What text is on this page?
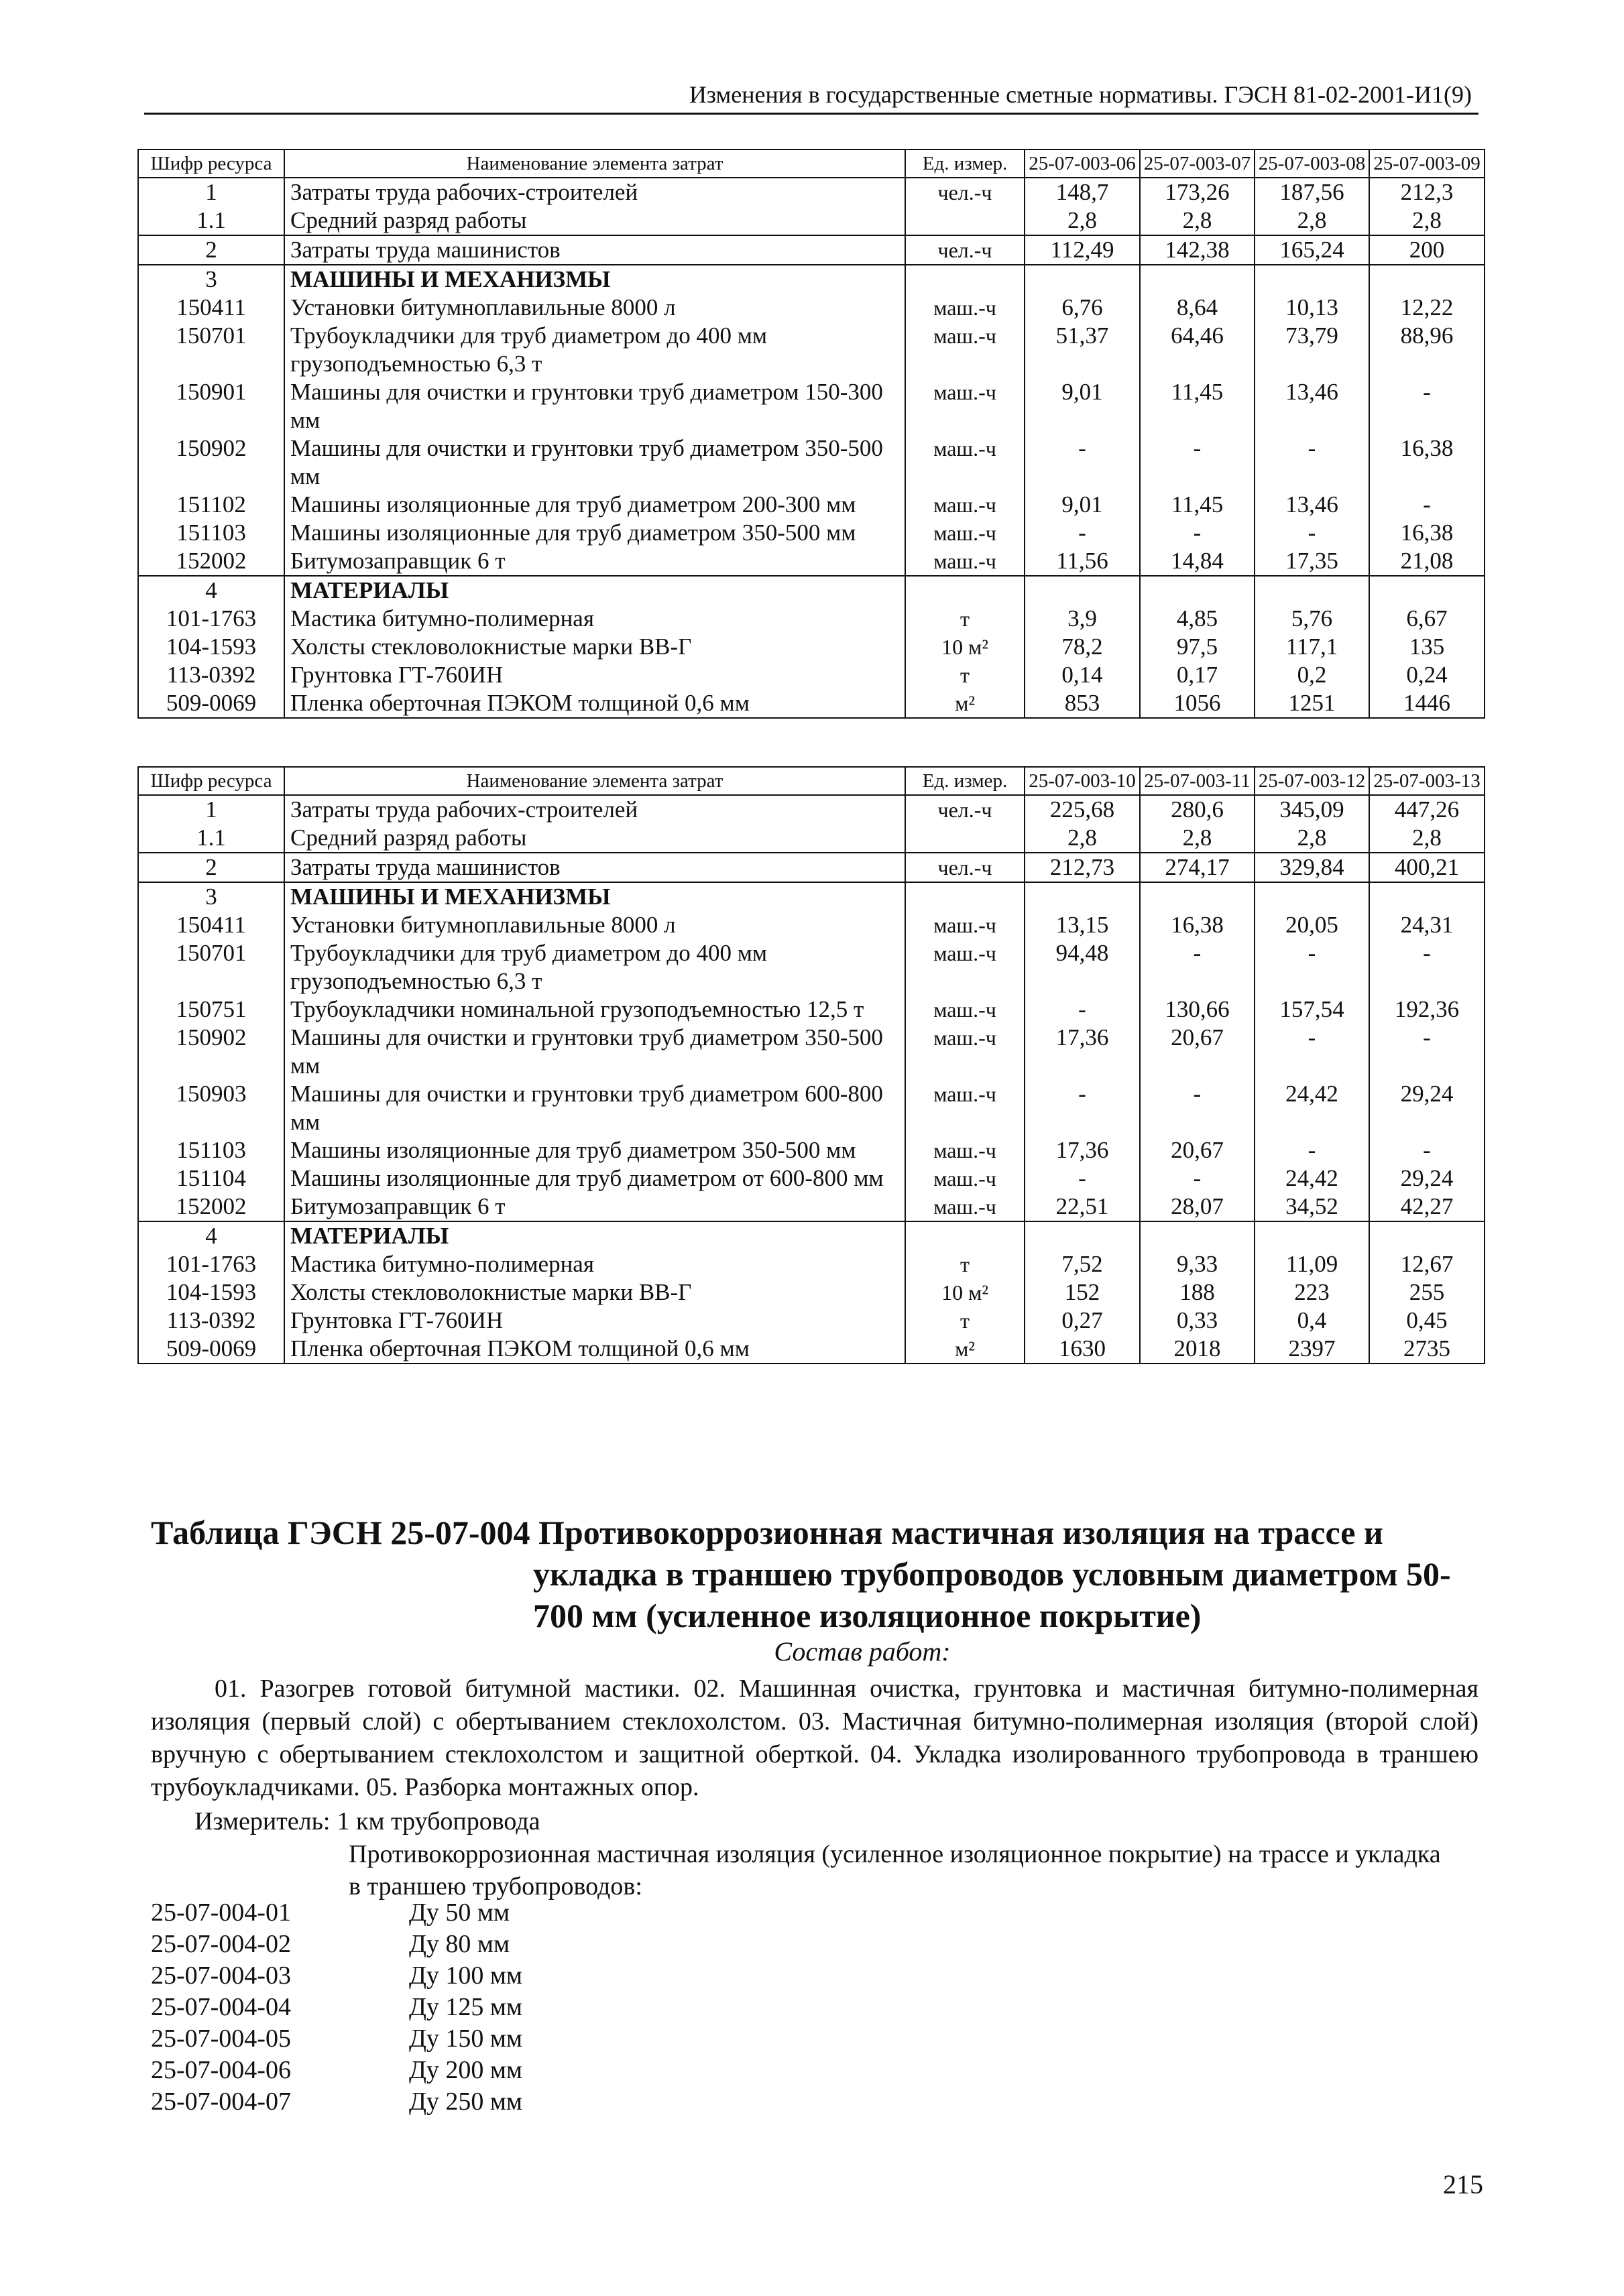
Изменения в государственные сметные нормативы. ГЭСН 81-02-2001-И1(9)
Шифр ресурса	Наименование элемента затрат	Ед. измер.	25-07-003-06	25-07-003-07	25-07-003-08	25-07-003-09
1	Затраты труда рабочих-строителей	чел.-ч	148,7	173,26	187,56	212,3
1.1	Средний разряд работы		2,8	2,8	2,8	2,8
2	Затраты труда машинистов	чел.-ч	112,49	142,38	165,24	200
3	МАШИНЫ И МЕХАНИЗМЫ					
150411	Установки битумноплавильные 8000 л	маш.-ч	6,76	8,64	10,13	12,22
150701	Трубоукладчики для труб диаметром до 400 мм грузоподъемностью 6,3 т	маш.-ч	51,37	64,46	73,79	88,96
150901	Машины для очистки и грунтовки труб диаметром 150-300 мм	маш.-ч	9,01	11,45	13,46	-
150902	Машины для очистки и грунтовки труб диаметром 350-500 мм	маш.-ч	-	-	-	16,38
151102	Машины изоляционные для труб диаметром 200-300 мм	маш.-ч	9,01	11,45	13,46	-
151103	Машины изоляционные для труб диаметром 350-500 мм	маш.-ч	-	-	-	16,38
152002	Битумозаправщик 6 т	маш.-ч	11,56	14,84	17,35	21,08
4	МАТЕРИАЛЫ					
101-1763	Мастика битумно-полимерная	т	3,9	4,85	5,76	6,67
104-1593	Холсты стекловолокнистые марки ВВ-Г	10 м²	78,2	97,5	117,1	135
113-0392	Грунтовка ГТ-760ИН	т	0,14	0,17	0,2	0,24
509-0069	Пленка оберточная ПЭКОМ толщиной 0,6 мм	м²	853	1056	1251	1446
Шифр ресурса	Наименование элемента затрат	Ед. измер.	25-07-003-10	25-07-003-11	25-07-003-12	25-07-003-13
1	Затраты труда рабочих-строителей	чел.-ч	225,68	280,6	345,09	447,26
1.1	Средний разряд работы		2,8	2,8	2,8	2,8
2	Затраты труда машинистов	чел.-ч	212,73	274,17	329,84	400,21
3	МАШИНЫ И МЕХАНИЗМЫ					
150411	Установки битумноплавильные 8000 л	маш.-ч	13,15	16,38	20,05	24,31
150701	Трубоукладчики для труб диаметром до 400 мм грузоподъемностью 6,3 т	маш.-ч	94,48	-	-	-
150751	Трубоукладчики номинальной грузоподъемностью 12,5 т	маш.-ч	-	130,66	157,54	192,36
150902	Машины для очистки и грунтовки труб диаметром 350-500 мм	маш.-ч	17,36	20,67	-	-
150903	Машины для очистки и грунтовки труб диаметром 600-800 мм	маш.-ч	-	-	24,42	29,24
151103	Машины изоляционные для труб диаметром 350-500 мм	маш.-ч	17,36	20,67	-	-
151104	Машины изоляционные для труб диаметром от 600-800 мм	маш.-ч	-	-	24,42	29,24
152002	Битумозаправщик 6 т	маш.-ч	22,51	28,07	34,52	42,27
4	МАТЕРИАЛЫ					
101-1763	Мастика битумно-полимерная	т	7,52	9,33	11,09	12,67
104-1593	Холсты стекловолокнистые марки ВВ-Г	10 м²	152	188	223	255
113-0392	Грунтовка ГТ-760ИН	т	0,27	0,33	0,4	0,45
509-0069	Пленка оберточная ПЭКОМ толщиной 0,6 мм	м²	1630	2018	2397	2735
Таблица ГЭСН 25-07-004 Противокоррозионная мастичная изоляция на трассе и
укладка в траншею трубопроводов условным диаметром 50-700 мм (усиленное изоляционное покрытие)
Состав работ:
01. Разогрев готовой битумной мастики. 02. Машинная очистка, грунтовка и мастичная битумно-полимерная изоляция (первый слой) с обертыванием стеклохолстом. 03. Мастичная битумно-полимерная изоляция (второй слой) вручную с обертыванием стеклохолстом и защитной оберткой. 04. Укладка изолированного трубопровода в траншею трубоукладчиками. 05. Разборка монтажных опор.
Измеритель: 1 км трубопровода
Противокоррозионная мастичная изоляция (усиленное изоляционное покрытие) на трассе и укладка в траншею трубопроводов:
25-07-004-01	Ду 50 мм
25-07-004-02	Ду 80 мм
25-07-004-03	Ду 100 мм
25-07-004-04	Ду 125 мм
25-07-004-05	Ду 150 мм
25-07-004-06	Ду 200 мм
25-07-004-07	Ду 250 мм
215
